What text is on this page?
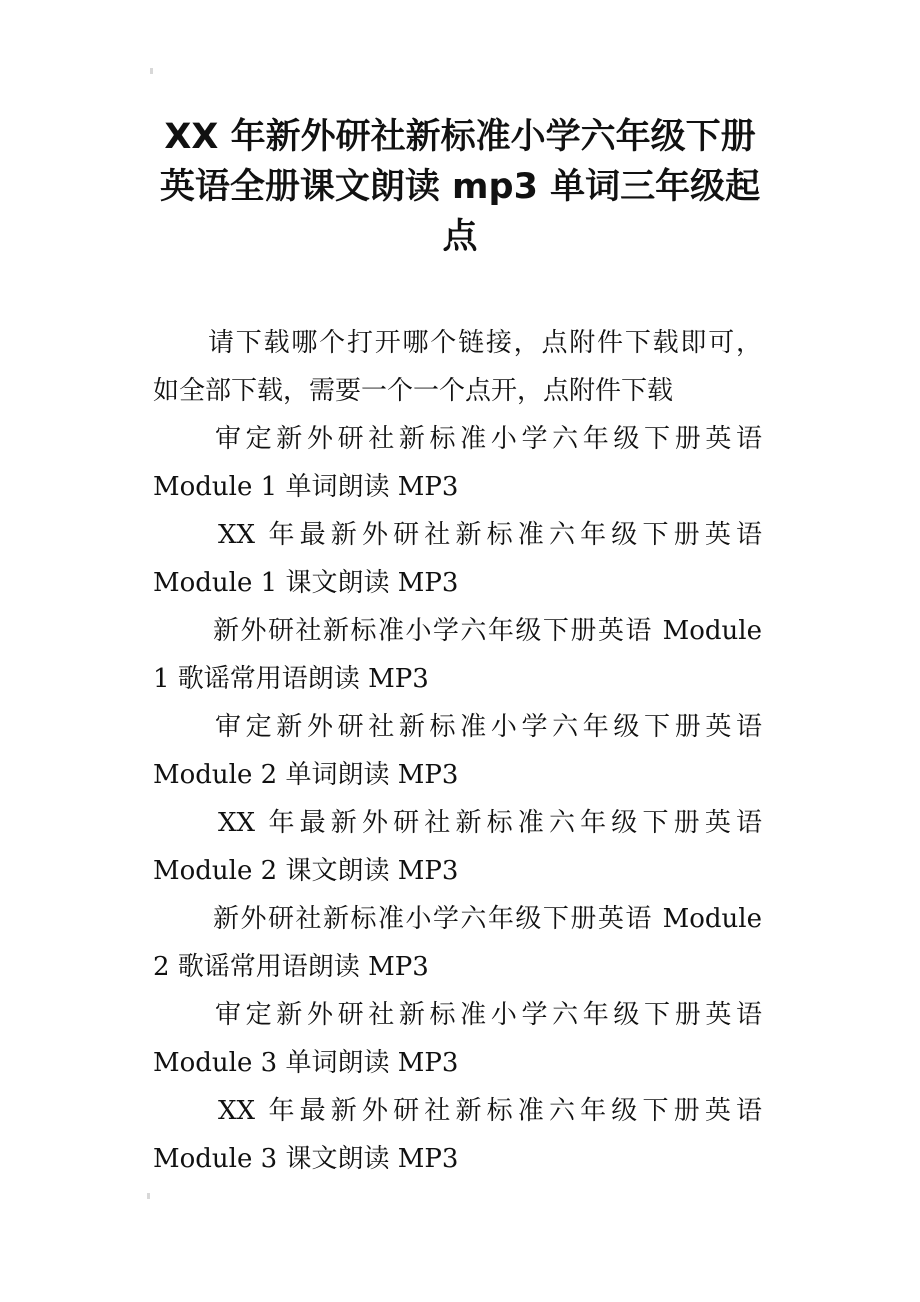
XX 年新外研社新标准小学六年级下册
英语全册课文朗读 mp3 单词三年级起
点
请下载哪个打开哪个链接，点附件下载即可，
如全部下载，需要一个一个点开，点附件下载
审定新外研社新标准小学六年级下册英语
Module 1 单词朗读 MP3
XX 年最新外研社新标准六年级下册英语
Module 1 课文朗读 MP3
新外研社新标准小学六年级下册英语 Module
1 歌谣常用语朗读 MP3
审定新外研社新标准小学六年级下册英语
Module 2 单词朗读 MP3
XX 年最新外研社新标准六年级下册英语
Module 2 课文朗读 MP3
新外研社新标准小学六年级下册英语 Module
2 歌谣常用语朗读 MP3
审定新外研社新标准小学六年级下册英语
Module 3 单词朗读 MP3
XX 年最新外研社新标准六年级下册英语
Module 3 课文朗读 MP3
